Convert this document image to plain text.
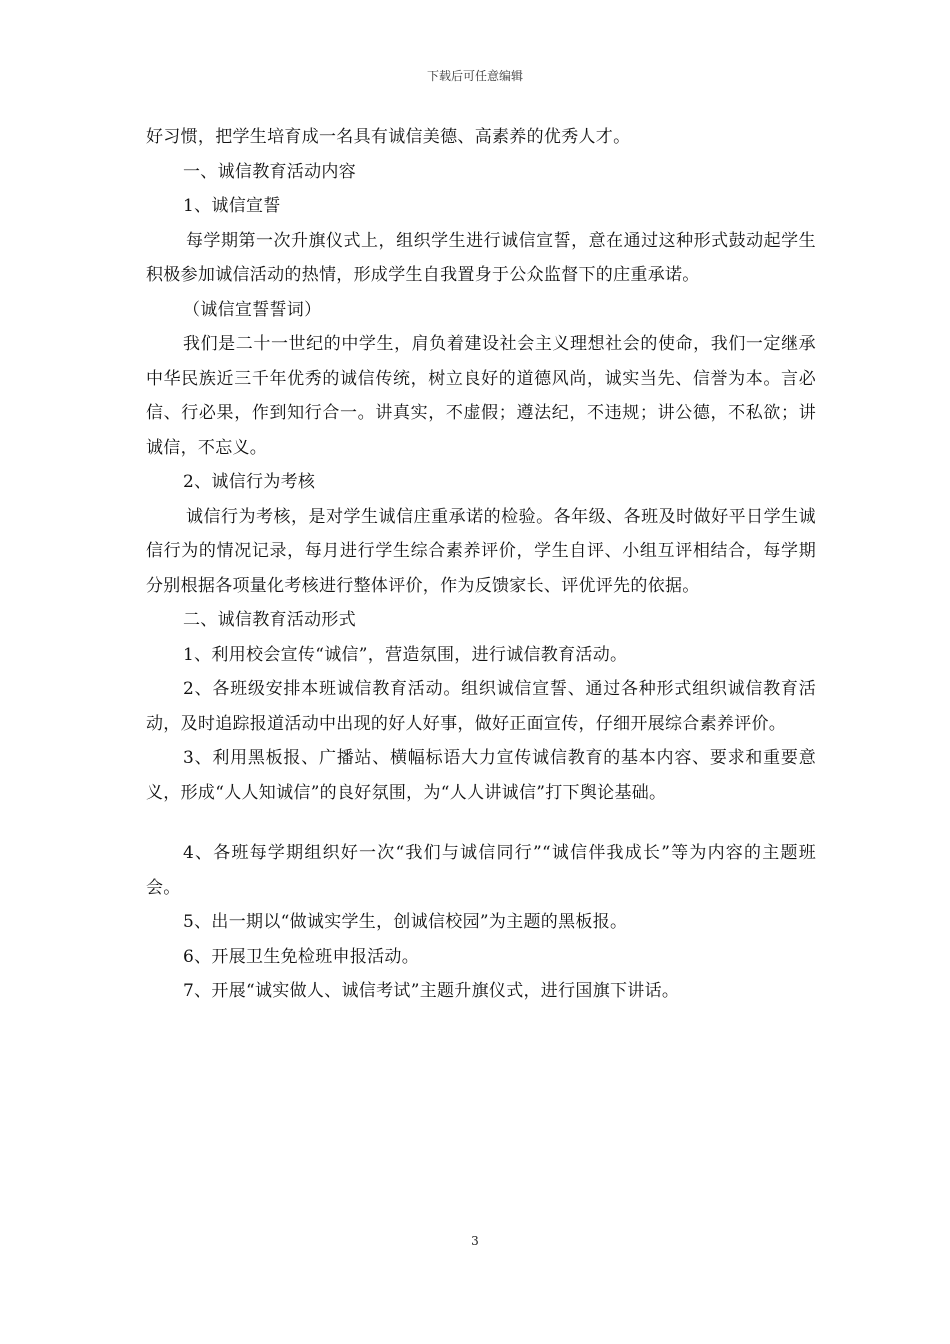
下载后可任意编辑

好习惯，把学生培育成一名具有诚信美德、高素养的优秀人才。

一、诚信教育活动内容

1、诚信宣誓

每学期第一次升旗仪式上，组织学生进行诚信宣誓，意在通过这种形式鼓动起学生积极参加诚信活动的热情，形成学生自我置身于公众监督下的庄重承诺。

（诚信宣誓誓词）

我们是二十一世纪的中学生，肩负着建设社会主义理想社会的使命，我们一定继承中华民族近三千年优秀的诚信传统，树立良好的道德风尚，诚实当先、信誉为本。言必信、行必果，作到知行合一。讲真实，不虚假；遵法纪，不违规；讲公德，不私欲；讲诚信，不忘义。

2、诚信行为考核

诚信行为考核，是对学生诚信庄重承诺的检验。各年级、各班及时做好平日学生诚信行为的情况记录，每月进行学生综合素养评价，学生自评、小组互评相结合，每学期分别根据各项量化考核进行整体评价，作为反馈家长、评优评先的依据。

二、诚信教育活动形式

1、利用校会宣传“诚信”，营造氛围，进行诚信教育活动。

2、各班级安排本班诚信教育活动。组织诚信宣誓、通过各种形式组织诚信教育活动，及时追踪报道活动中出现的好人好事，做好正面宣传，仔细开展综合素养评价。

3、利用黑板报、广播站、横幅标语大力宣传诚信教育的基本内容、要求和重要意义，形成“人人知诚信”的良好氛围，为“人人讲诚信”打下舆论基础。

4、各班每学期组织好一次“我们与诚信同行”“诚信伴我成长”等为内容的主题班会。

5、出一期以“做诚实学生，创诚信校园”为主题的黑板报。

6、开展卫生免检班申报活动。

7、开展“诚实做人、诚信考试”主题升旗仪式，进行国旗下讲话。

3
